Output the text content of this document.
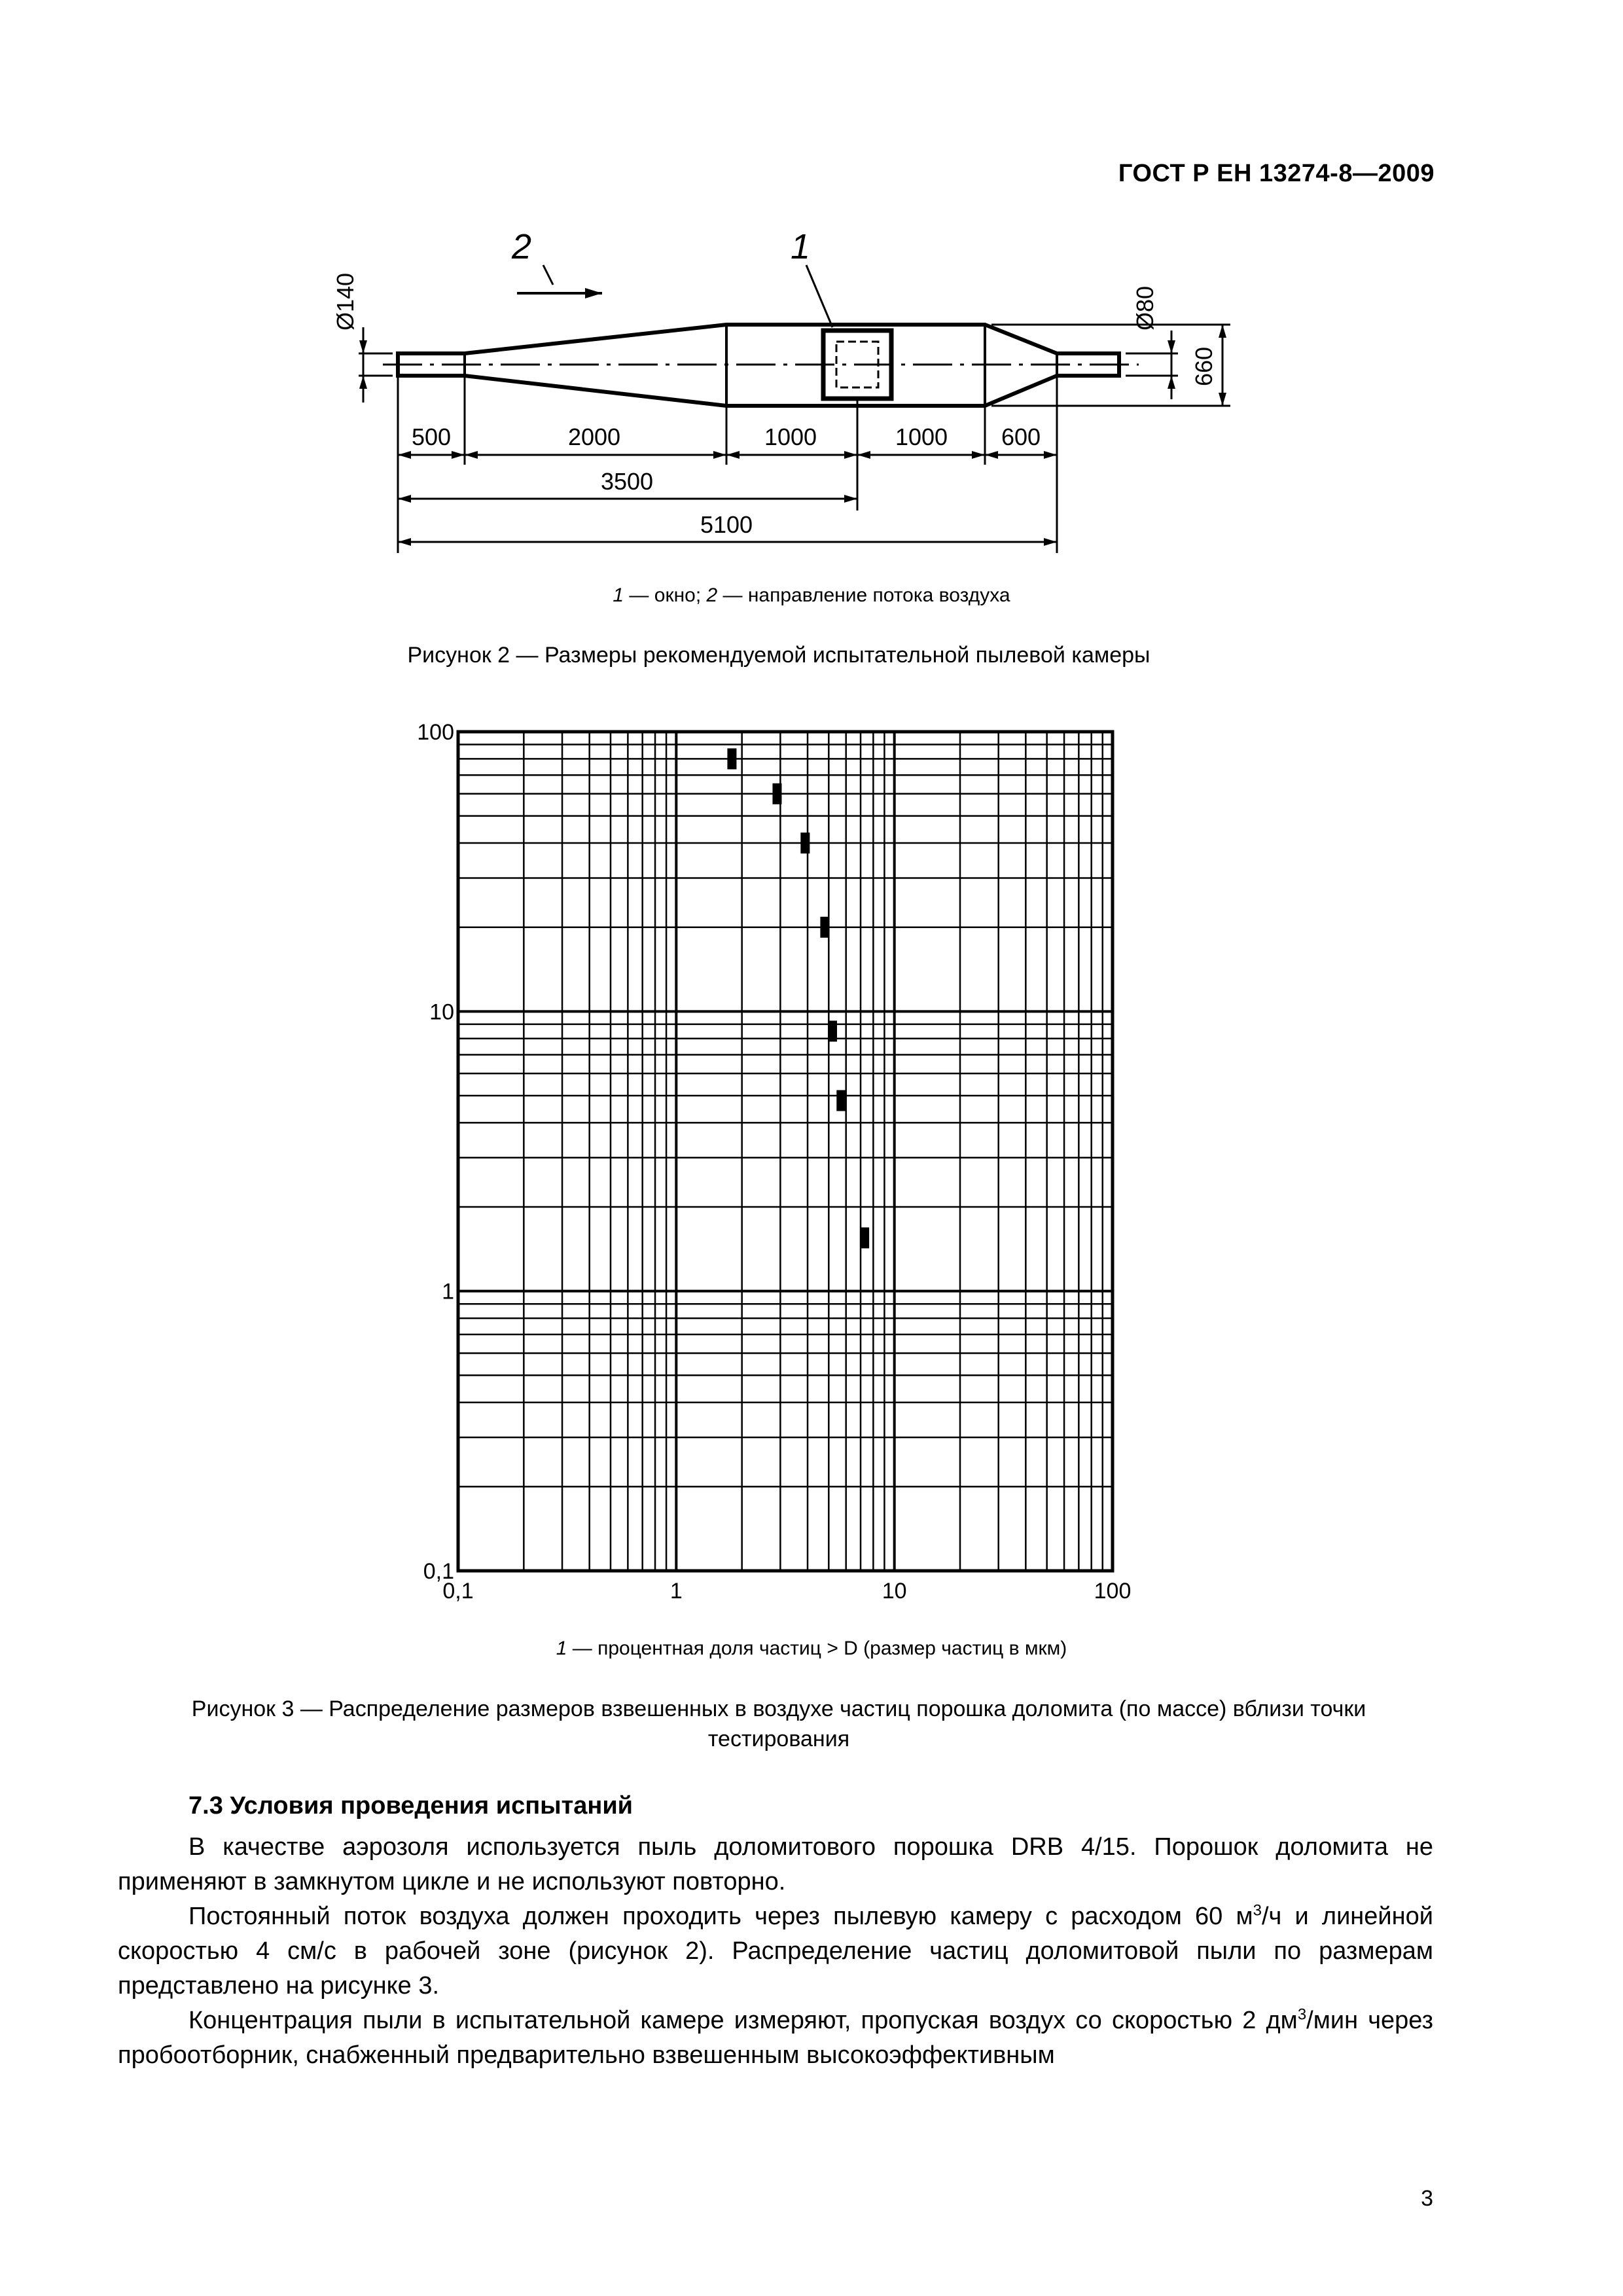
ГОСТ Р ЕН 13274-8—2009
500	2000	1000	1000 600
3500
5100
Ø140	Ø80
660
2	1
1 — окно; 2 — направление потока воздуха
Рисунок 2 — Размеры рекомендуемой испытательной пылевой камеры
0,1	1	10	100
100
10
1
0,1
1 — процентная доля частиц > D (размер частиц в мкм)
Рисунок 3 — Распределение размеров взвешенных в воздухе частиц порошка доломита (по массе) вблизи точки
тестирования
7.3 Условия проведения испытаний
В качестве аэрозоля используется пыль доломитового порошка DRB 4/15. Порошок доломита не применяют в замкнутом цикле и не используют повторно.
Постоянный поток воздуха должен проходить через пылевую камеру с расходом 60 $м^3/ч$ и линейной скоростью 4 см/с в рабочей зоне (рисунок 2). Распределение частиц доломитовой пыли по размерам представлено на рисунке 3.
Концентрация пыли в испытательной камере измеряют, пропуская воздух со скоростью 2 $дм^3$/мин через пробоотборник, снабженный предварительно взвешенным высокоэффективным
3
